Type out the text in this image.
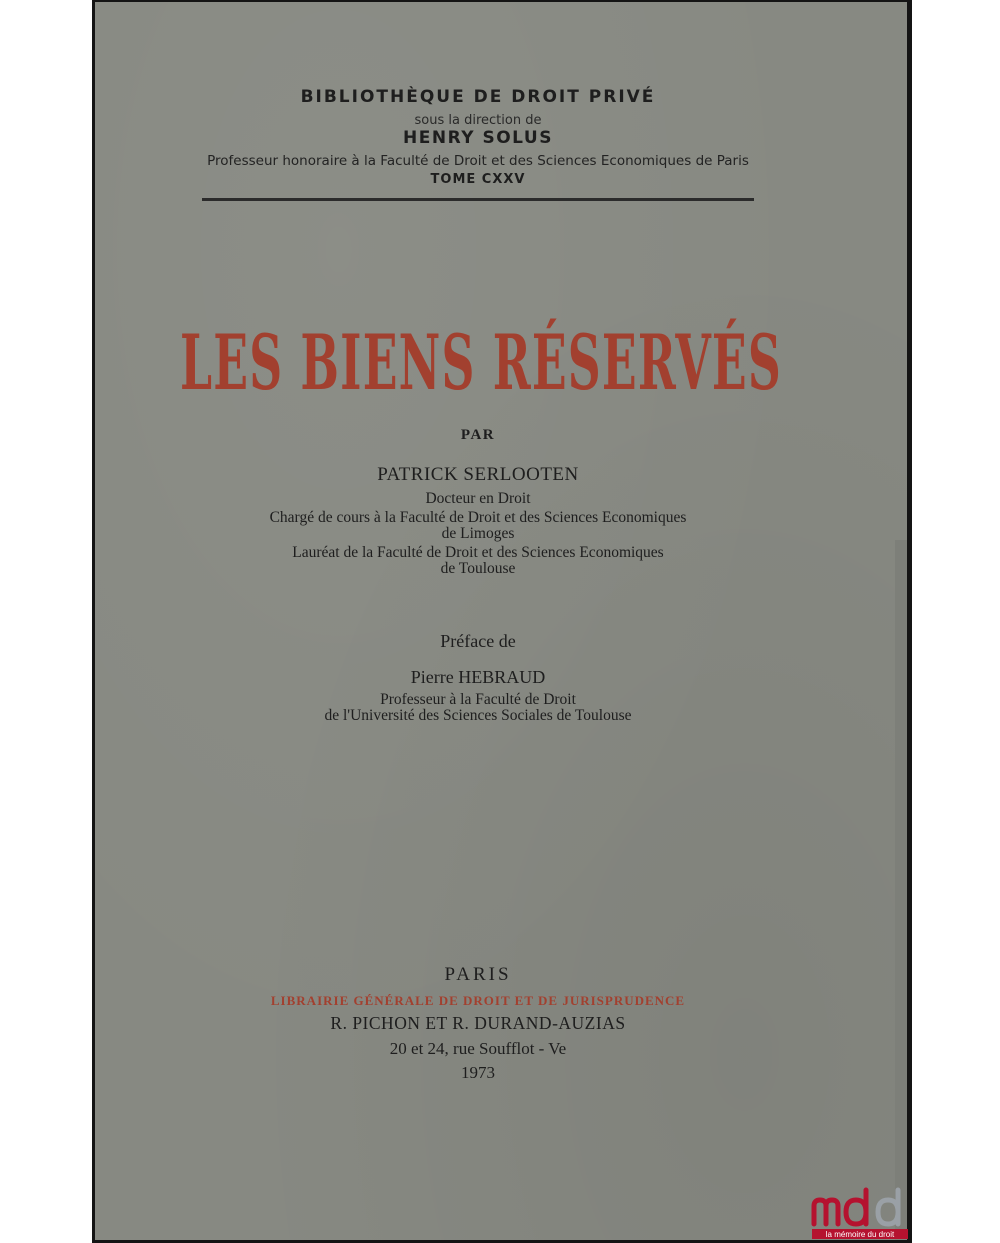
BIBLIOTHÈQUE DE DROIT PRIVÉ
sous la direction de
HENRY SOLUS
Professeur honoraire à la Faculté de Droit et des Sciences Economiques de Paris
TOME CXXV
LES BIENS RÉSERVÉS
PAR
PATRICK SERLOOTEN
Docteur en Droit
Chargé de cours à la Faculté de Droit et des Sciences Economiques
de Limoges
Lauréat de la Faculté de Droit et des Sciences Economiques
de Toulouse
Préface de
Pierre HEBRAUD
Professeur à la Faculté de Droit
de l'Université des Sciences Sociales de Toulouse
PARIS
LIBRAIRIE GÉNÉRALE DE DROIT ET DE JURISPRUDENCE
R. PICHON ET R. DURAND-AUZIAS
20 et 24, rue Soufflot - Ve
1973
la mémoire du droit
